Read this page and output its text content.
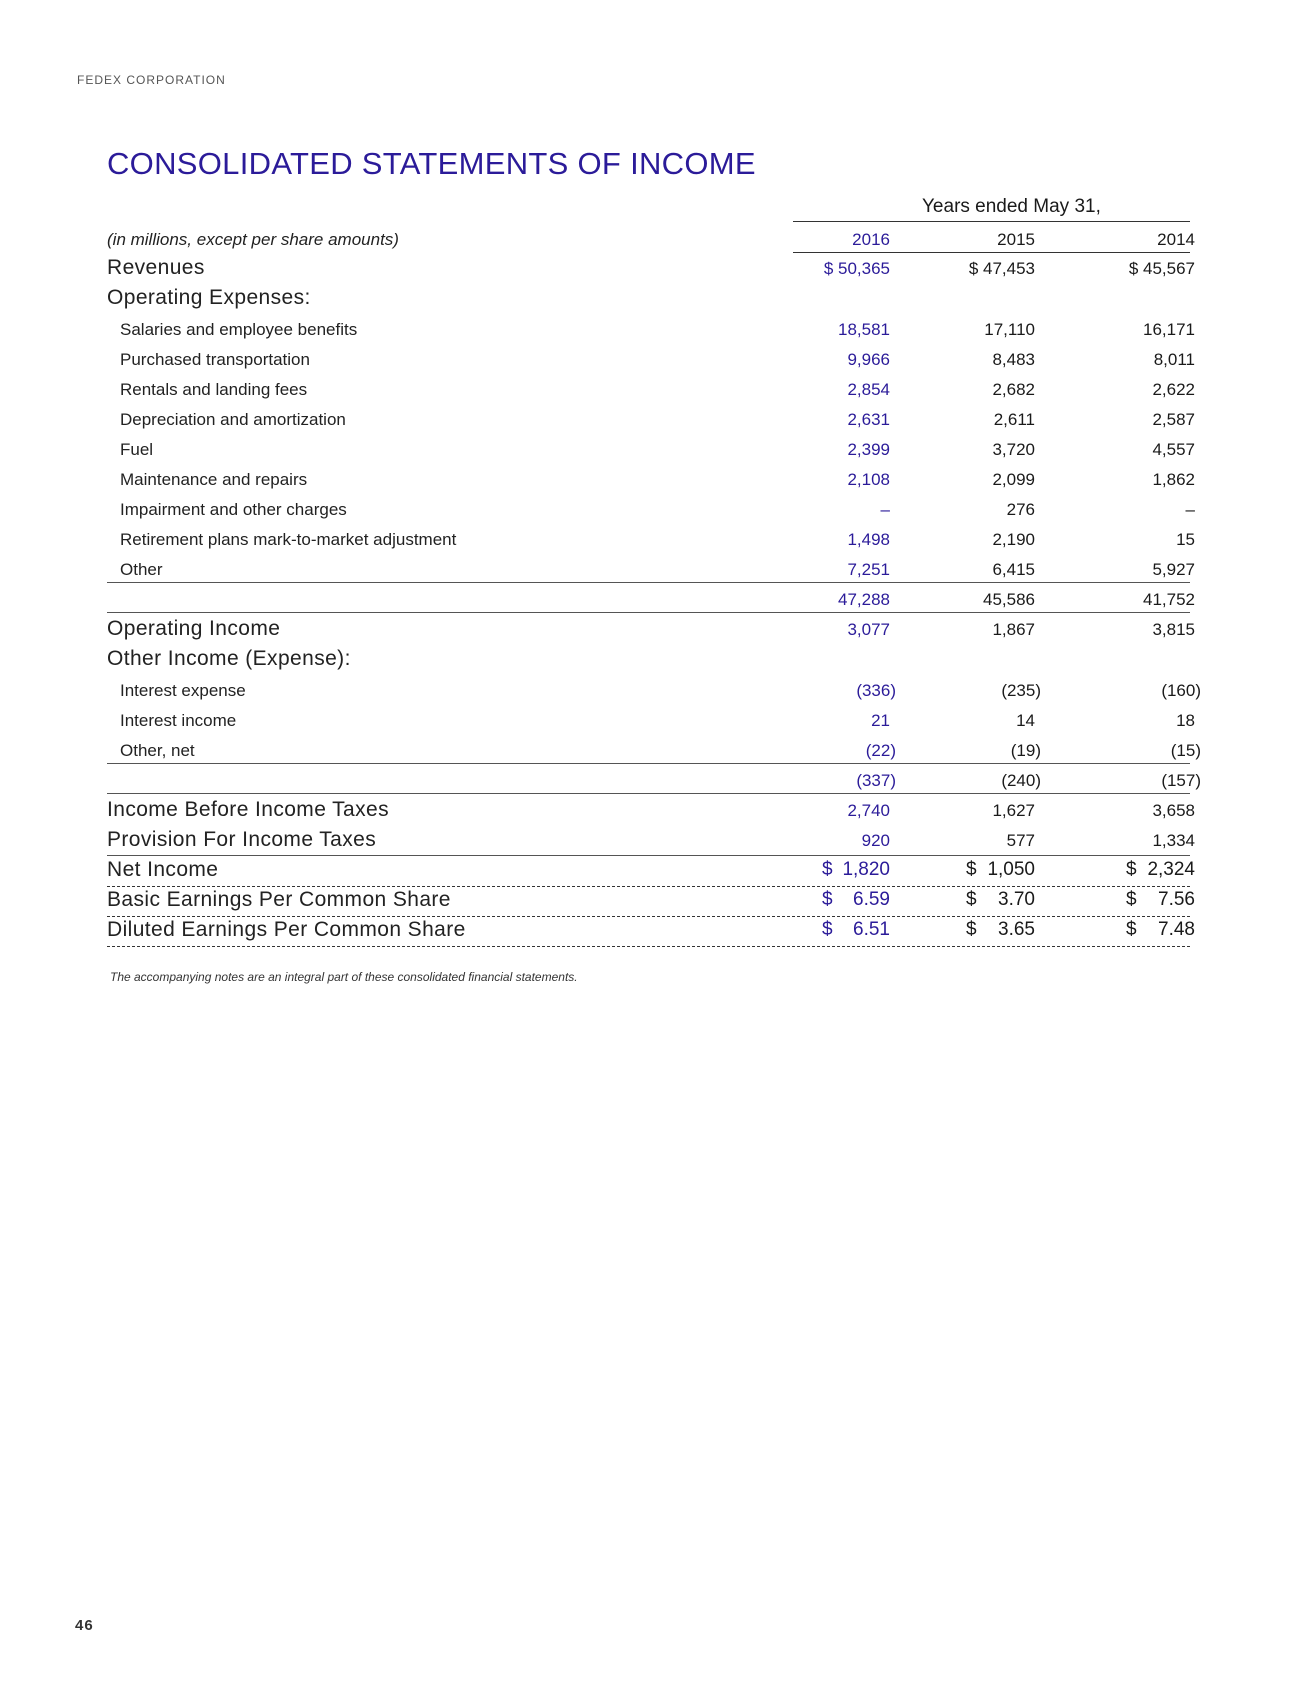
FEDEX CORPORATION
CONSOLIDATED STATEMENTS OF INCOME
Years ended May 31,
(in millions, except per share amounts)	2016	2015	2014
Revenues	$ 50,365	$ 47,453	$ 45,567
Operating Expenses:
Salaries and employee benefits	18,581	17,110	16,171
Purchased transportation	9,966	8,483	8,011
Rentals and landing fees	2,854	2,682	2,622
Depreciation and amortization	2,631	2,611	2,587
Fuel	2,399	3,720	4,557
Maintenance and repairs	2,108	2,099	1,862
Impairment and other charges	–	276	–
Retirement plans mark-to-market adjustment	1,498	2,190	15
Other	7,251	6,415	5,927
47,288	45,586	41,752
Operating Income	3,077	1,867	3,815
Other Income (Expense):
Interest expense	(336)	(235)	(160)
Interest income	21	14	18
Other, net	(22)	(19)	(15)
(337)	(240)	(157)
Income Before Income Taxes	2,740	1,627	3,658
Provision For Income Taxes	920	577	1,334
Net Income	$ 1,820	$ 1,050	$ 2,324
Basic Earnings Per Common Share	$	6.59	$	3.70	$	7.56
Diluted Earnings Per Common Share	$	6.51	$	3.65	$	7.48
The accompanying notes are an integral part of these consolidated financial statements.
46
